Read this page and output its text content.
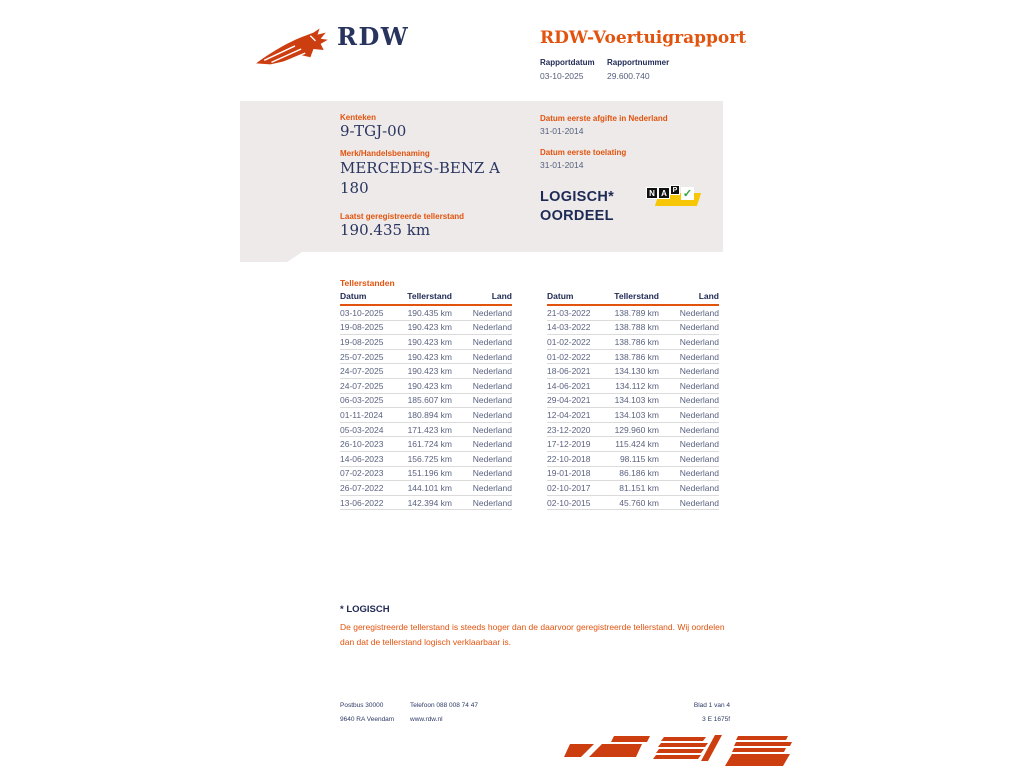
RDW	RDW-Voertuigrapport
Rapportdatum
03-10-2025
Rapportnummer
29.600.740
Kenteken
9-TGJ-00
Merk/Handelsbenaming
MERCEDES-BENZ A 180
Laatst geregistreerde tellerstand
190.435 km
Datum eerste afgifte in Nederland
31-01-2014
Datum eerste toelating
31-01-2014
LOGISCH*
OORDEEL
N A P ✓
Tellerstanden
Datum	Tellerstand	Land
03-10-2025	190.435 km	Nederland
19-08-2025	190.423 km	Nederland
19-08-2025	190.423 km	Nederland
25-07-2025	190.423 km	Nederland
24-07-2025	190.423 km	Nederland
24-07-2025	190.423 km	Nederland
06-03-2025	185.607 km	Nederland
01-11-2024	180.894 km	Nederland
05-03-2024	171.423 km	Nederland
26-10-2023	161.724 km	Nederland
14-06-2023	156.725 km	Nederland
07-02-2023	151.196 km	Nederland
26-07-2022	144.101 km	Nederland
13-06-2022	142.394 km	Nederland
Datum	Tellerstand	Land
21-03-2022	138.789 km	Nederland
14-03-2022	138.788 km	Nederland
01-02-2022	138.786 km	Nederland
01-02-2022	138.786 km	Nederland
18-06-2021	134.130 km	Nederland
14-06-2021	134.112 km	Nederland
29-04-2021	134.103 km	Nederland
12-04-2021	134.103 km	Nederland
23-12-2020	129.960 km	Nederland
17-12-2019	115.424 km	Nederland
22-10-2018	98.115 km	Nederland
19-01-2018	86.186 km	Nederland
02-10-2017	81.151 km	Nederland
02-10-2015	45.760 km	Nederland
* LOGISCH
De geregistreerde tellerstand is steeds hoger dan de daarvoor geregistreerde tellerstand. Wij oordelen dan dat de tellerstand logisch verklaarbaar is.
Postbus 30000
9640 RA Veendam
Telefoon 088 008 74 47
www.rdw.nl
Blad 1 van 4
3 E 1675f
